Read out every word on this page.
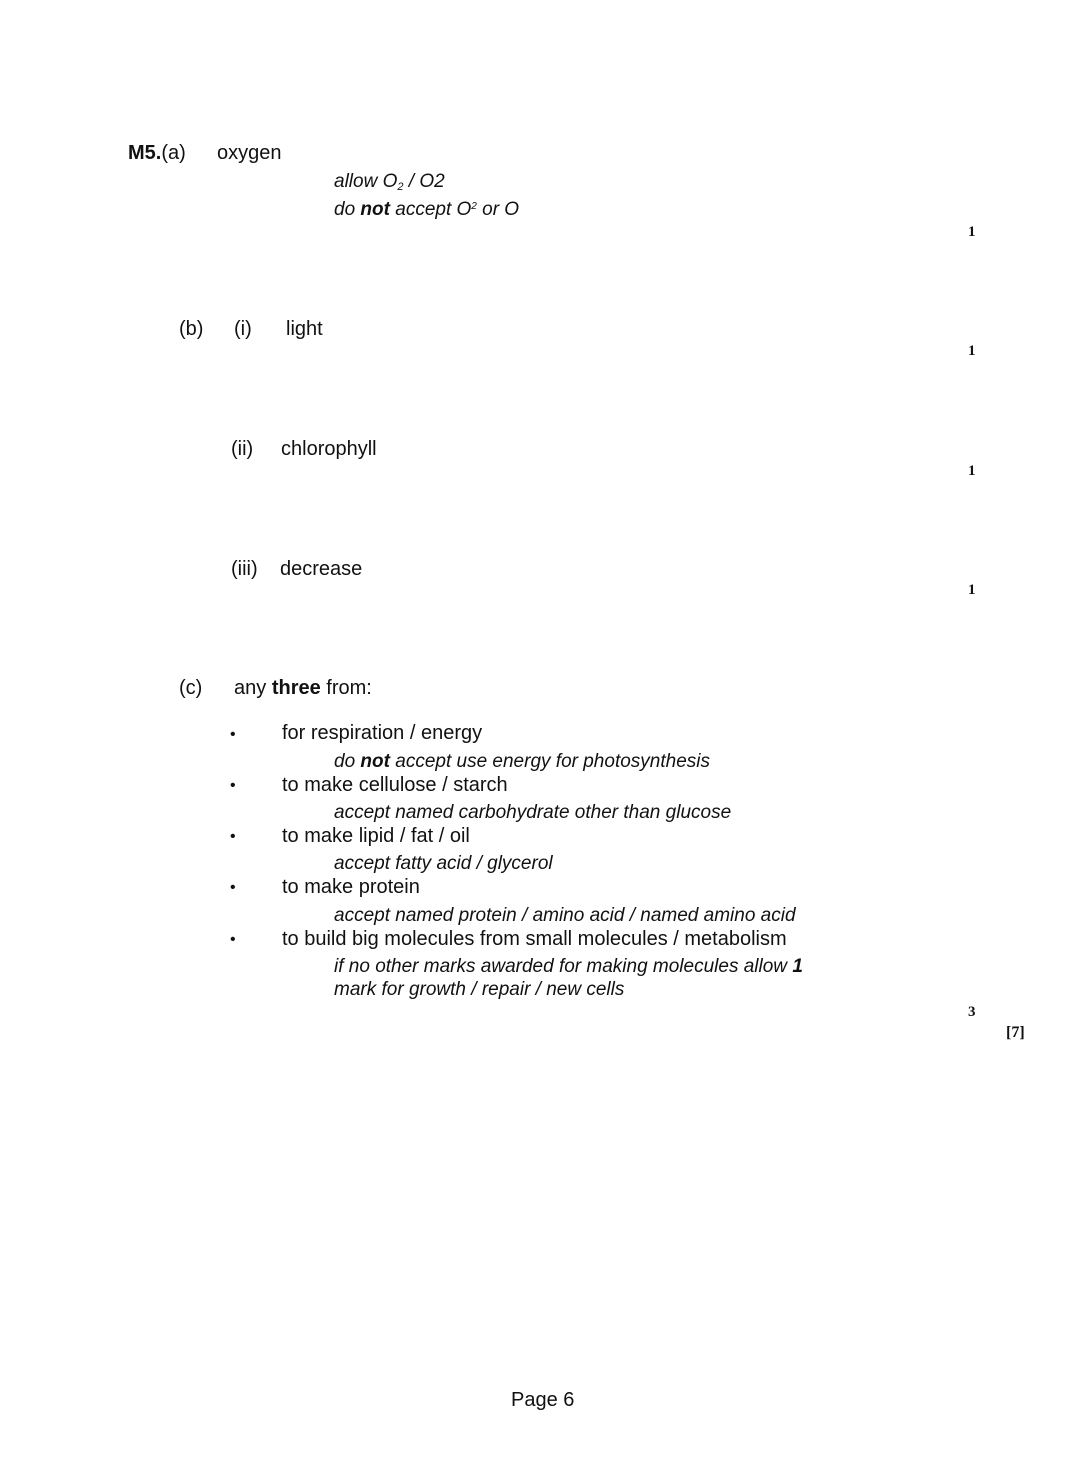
M5.(a) oxygen
allow $O_2 / O2$
do not accept $O^2$ or O
1
(b) (i) light
1
(ii) chlorophyll
1
(iii) decrease
1
(c) any three from:
•
•
•
•
•
for respiration / energy
do not accept use energy for photosynthesis
to make cellulose / starch
accept named carbohydrate other than glucose
to make lipid / fat / oil
accept fatty acid / glycerol
to make protein
accept named protein / amino acid / named amino acid
to build big molecules from small molecules / metabolism
if no other marks awarded for making molecules allow 1
mark for growth / repair / new cells
3
[7]
Page 6
